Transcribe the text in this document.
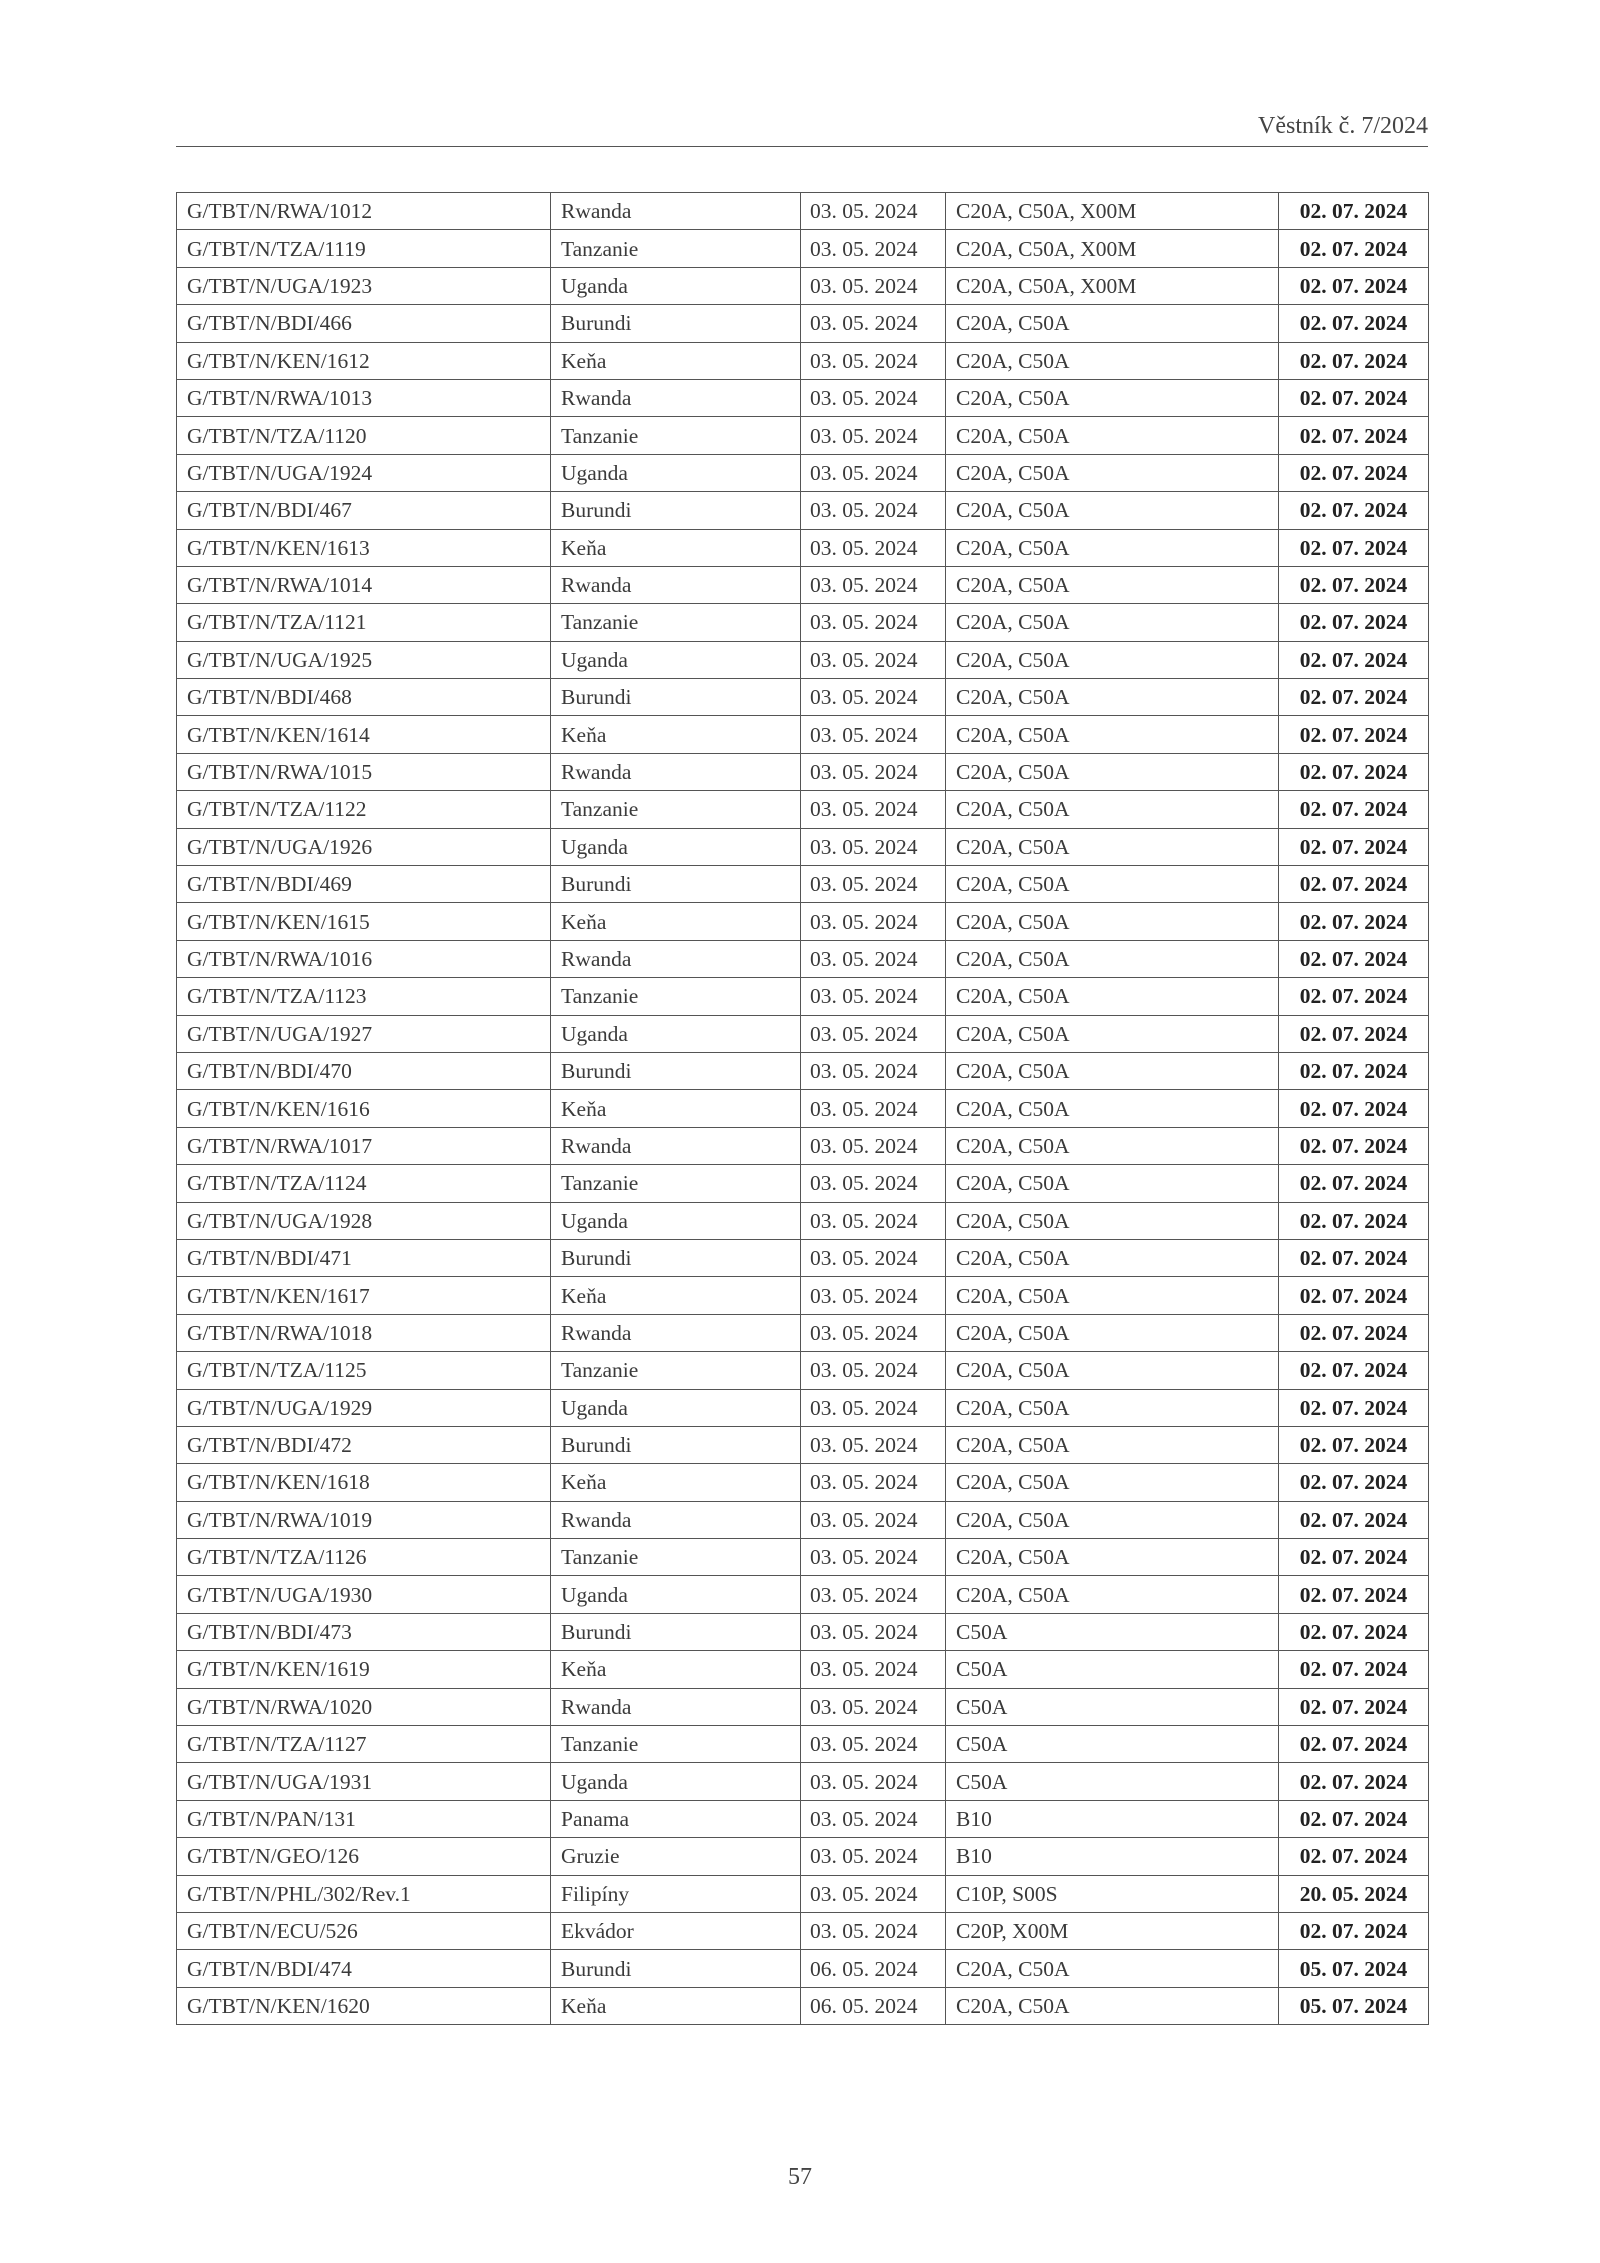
Věstník č. 7/2024
G/TBT/N/RWA/1012	Rwanda	03. 05. 2024	C20A, C50A, X00M	02. 07. 2024
G/TBT/N/TZA/1119	Tanzanie	03. 05. 2024	C20A, C50A, X00M	02. 07. 2024
G/TBT/N/UGA/1923	Uganda	03. 05. 2024	C20A, C50A, X00M	02. 07. 2024
G/TBT/N/BDI/466	Burundi	03. 05. 2024	C20A, C50A	02. 07. 2024
G/TBT/N/KEN/1612	Keňa	03. 05. 2024	C20A, C50A	02. 07. 2024
G/TBT/N/RWA/1013	Rwanda	03. 05. 2024	C20A, C50A	02. 07. 2024
G/TBT/N/TZA/1120	Tanzanie	03. 05. 2024	C20A, C50A	02. 07. 2024
G/TBT/N/UGA/1924	Uganda	03. 05. 2024	C20A, C50A	02. 07. 2024
G/TBT/N/BDI/467	Burundi	03. 05. 2024	C20A, C50A	02. 07. 2024
G/TBT/N/KEN/1613	Keňa	03. 05. 2024	C20A, C50A	02. 07. 2024
G/TBT/N/RWA/1014	Rwanda	03. 05. 2024	C20A, C50A	02. 07. 2024
G/TBT/N/TZA/1121	Tanzanie	03. 05. 2024	C20A, C50A	02. 07. 2024
G/TBT/N/UGA/1925	Uganda	03. 05. 2024	C20A, C50A	02. 07. 2024
G/TBT/N/BDI/468	Burundi	03. 05. 2024	C20A, C50A	02. 07. 2024
G/TBT/N/KEN/1614	Keňa	03. 05. 2024	C20A, C50A	02. 07. 2024
G/TBT/N/RWA/1015	Rwanda	03. 05. 2024	C20A, C50A	02. 07. 2024
G/TBT/N/TZA/1122	Tanzanie	03. 05. 2024	C20A, C50A	02. 07. 2024
G/TBT/N/UGA/1926	Uganda	03. 05. 2024	C20A, C50A	02. 07. 2024
G/TBT/N/BDI/469	Burundi	03. 05. 2024	C20A, C50A	02. 07. 2024
G/TBT/N/KEN/1615	Keňa	03. 05. 2024	C20A, C50A	02. 07. 2024
G/TBT/N/RWA/1016	Rwanda	03. 05. 2024	C20A, C50A	02. 07. 2024
G/TBT/N/TZA/1123	Tanzanie	03. 05. 2024	C20A, C50A	02. 07. 2024
G/TBT/N/UGA/1927	Uganda	03. 05. 2024	C20A, C50A	02. 07. 2024
G/TBT/N/BDI/470	Burundi	03. 05. 2024	C20A, C50A	02. 07. 2024
G/TBT/N/KEN/1616	Keňa	03. 05. 2024	C20A, C50A	02. 07. 2024
G/TBT/N/RWA/1017	Rwanda	03. 05. 2024	C20A, C50A	02. 07. 2024
G/TBT/N/TZA/1124	Tanzanie	03. 05. 2024	C20A, C50A	02. 07. 2024
G/TBT/N/UGA/1928	Uganda	03. 05. 2024	C20A, C50A	02. 07. 2024
G/TBT/N/BDI/471	Burundi	03. 05. 2024	C20A, C50A	02. 07. 2024
G/TBT/N/KEN/1617	Keňa	03. 05. 2024	C20A, C50A	02. 07. 2024
G/TBT/N/RWA/1018	Rwanda	03. 05. 2024	C20A, C50A	02. 07. 2024
G/TBT/N/TZA/1125	Tanzanie	03. 05. 2024	C20A, C50A	02. 07. 2024
G/TBT/N/UGA/1929	Uganda	03. 05. 2024	C20A, C50A	02. 07. 2024
G/TBT/N/BDI/472	Burundi	03. 05. 2024	C20A, C50A	02. 07. 2024
G/TBT/N/KEN/1618	Keňa	03. 05. 2024	C20A, C50A	02. 07. 2024
G/TBT/N/RWA/1019	Rwanda	03. 05. 2024	C20A, C50A	02. 07. 2024
G/TBT/N/TZA/1126	Tanzanie	03. 05. 2024	C20A, C50A	02. 07. 2024
G/TBT/N/UGA/1930	Uganda	03. 05. 2024	C20A, C50A	02. 07. 2024
G/TBT/N/BDI/473	Burundi	03. 05. 2024	C50A	02. 07. 2024
G/TBT/N/KEN/1619	Keňa	03. 05. 2024	C50A	02. 07. 2024
G/TBT/N/RWA/1020	Rwanda	03. 05. 2024	C50A	02. 07. 2024
G/TBT/N/TZA/1127	Tanzanie	03. 05. 2024	C50A	02. 07. 2024
G/TBT/N/UGA/1931	Uganda	03. 05. 2024	C50A	02. 07. 2024
G/TBT/N/PAN/131	Panama	03. 05. 2024	B10	02. 07. 2024
G/TBT/N/GEO/126	Gruzie	03. 05. 2024	B10	02. 07. 2024
G/TBT/N/PHL/302/Rev.1	Filipíny	03. 05. 2024	C10P, S00S	20. 05. 2024
G/TBT/N/ECU/526	Ekvádor	03. 05. 2024	C20P, X00M	02. 07. 2024
G/TBT/N/BDI/474	Burundi	06. 05. 2024	C20A, C50A	05. 07. 2024
G/TBT/N/KEN/1620	Keňa	06. 05. 2024	C20A, C50A	05. 07. 2024
57
